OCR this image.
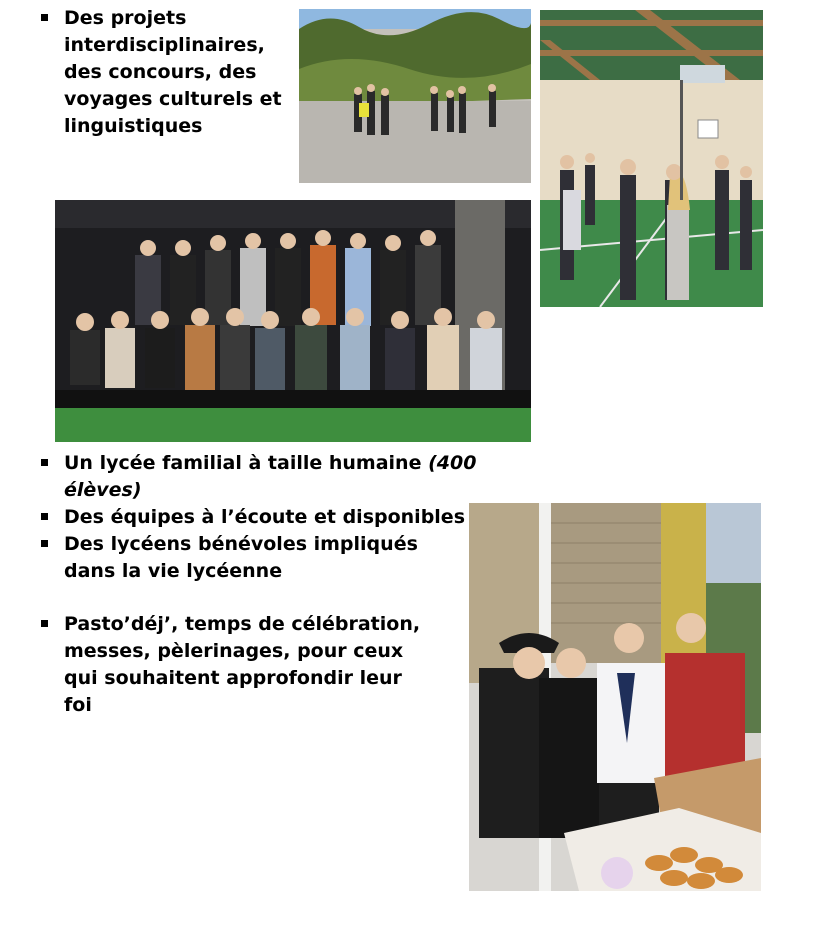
Des projets interdisciplinaires, des concours, des voyages culturels et linguistiques
Un lycée familial à taille humaine (400 élèves)
Des équipes à l’écoute et disponibles
Des lycéens bénévoles impliqués dans la vie lycéenne
Pasto’déj’, temps de célébration, messes, pèlerinages, pour ceux qui souhaitent approfondir leur foi
